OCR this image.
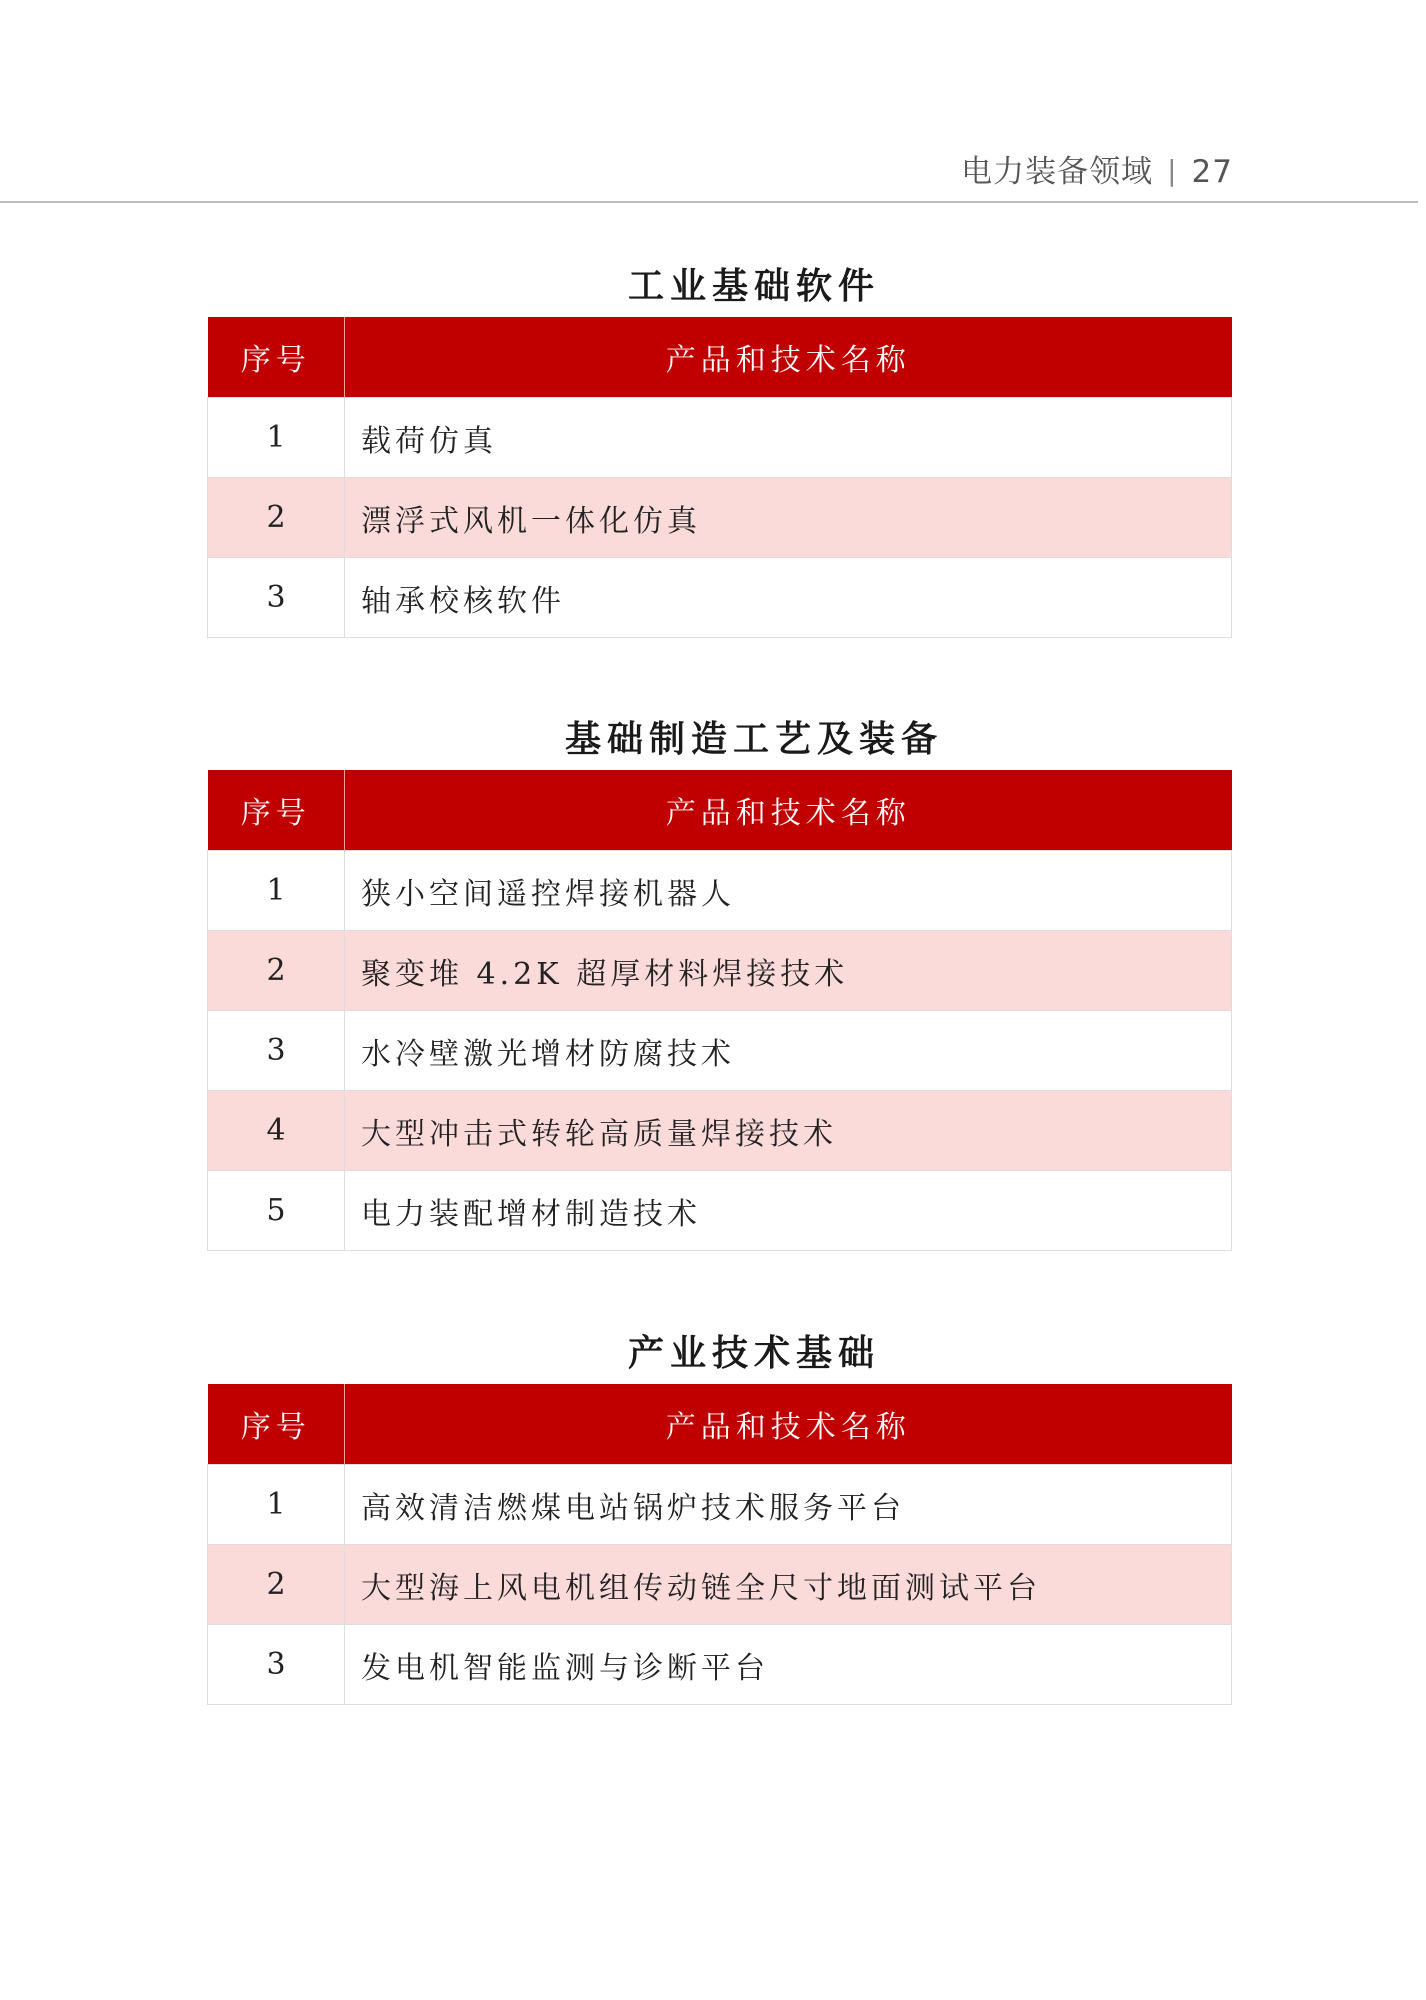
电力装备领域 | 27
工业基础软件
序号	产品和技术名称
1	载荷仿真
2	漂浮式风机一体化仿真
3	轴承校核软件
基础制造工艺及装备
序号	产品和技术名称
1	狭小空间遥控焊接机器人
2	聚变堆 4.2K 超厚材料焊接技术
3	水冷壁激光增材防腐技术
4	大型冲击式转轮高质量焊接技术
5	电力装配增材制造技术
产业技术基础
序号	产品和技术名称
1	高效清洁燃煤电站锅炉技术服务平台
2	大型海上风电机组传动链全尺寸地面测试平台
3	发电机智能监测与诊断平台
